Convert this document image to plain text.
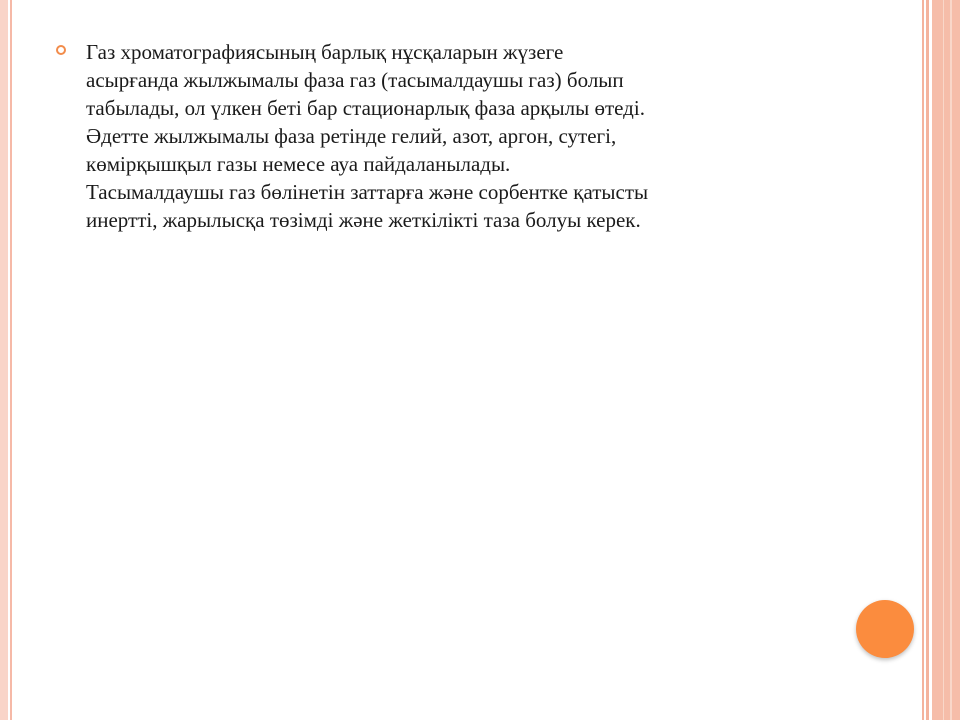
Газ хроматографиясының барлық нұсқаларын жүзеге
асырғанда жылжымалы фаза газ (тасымалдаушы газ) болып
табылады, ол үлкен беті бар стационарлық фаза арқылы өтеді.
Әдетте жылжымалы фаза ретінде гелий, азот, аргон, сутегі,
көмірқышқыл газы немесе ауа пайдаланылады.
Тасымалдаушы газ бөлінетін заттарға және сорбентке қатысты
инертті, жарылысқа төзімді және жеткілікті таза болуы керек.
